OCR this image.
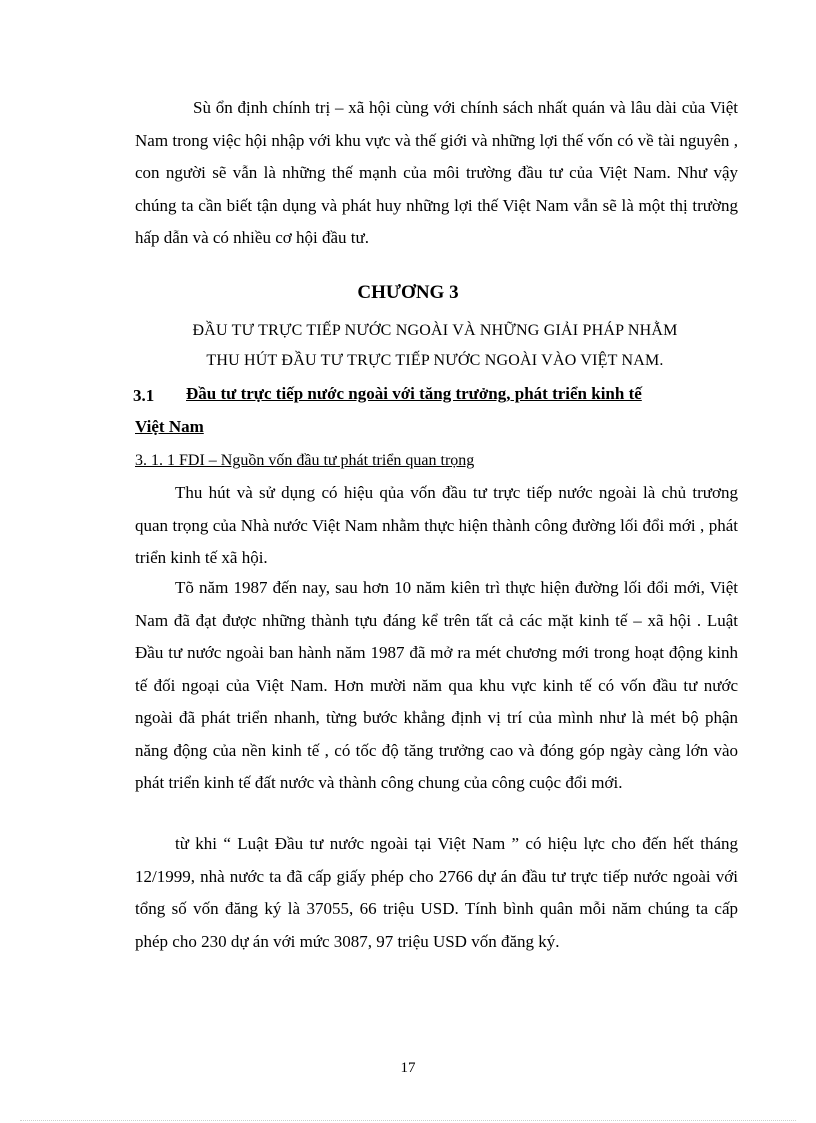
Sù ổn định chính trị – xã hội cùng với chính sách nhất quán và lâu dài của Việt Nam trong việc hội nhập với khu vực và thế giới và những lợi thế vốn có về tài nguyên , con người sẽ vẫn là những thế mạnh của môi trường đầu tư của Việt Nam. Như vậy chúng ta cần biết tận dụng và phát huy những lợi thế Việt Nam vẫn sẽ là một thị trường hấp dẫn và có nhiều cơ hội đầu tư.
CHƯƠNG 3
ĐẦU TƯ TRỰC TIẾP NƯỚC NGOÀI VÀ NHỮNG GIẢI PHÁP NHẰM
THU HÚT ĐẦU TƯ TRỰC TIẾP NƯỚC NGOÀI VÀO VIỆT NAM.
3.1 Đầu tư trực tiếp nước ngoài với tăng trưởng, phát triển kinh tế
Việt Nam
3. 1. 1 FDI – Nguồn vốn đầu tư phát triển quan trọng
Thu hút và sử dụng có hiệu qủa vốn đầu tư trực tiếp nước ngoài là chủ trương quan trọng của Nhà nước Việt Nam nhằm thực hiện thành công đường lối đổi mới , phát triển kinh tế xã hội.
Tõ năm 1987 đến nay, sau hơn 10 năm kiên trì thực hiện đường lối đổi mới, Việt Nam đã đạt được những thành tựu đáng kể trên tất cả các mặt kinh tế – xã hội . Luật Đầu tư nước ngoài ban hành năm 1987 đã mở ra mét chương mới trong hoạt động kinh tế đối ngoại của Việt Nam. Hơn mười năm qua khu vực kinh tế có vốn đầu tư nước ngoài đã phát triển nhanh, từng bước khẳng định vị trí của mình như là mét bộ phận năng động của nền kinh tế , có tốc độ tăng trưởng cao và đóng góp ngày càng lớn vào phát triển kinh tế đất nước và thành công chung của công cuộc đổi mới.
từ khi “ Luật Đầu tư nước ngoài tại Việt Nam ” có hiệu lực cho đến hết tháng 12/1999, nhà nước ta đã cấp giấy phép cho 2766 dự án đầu tư trực tiếp nước ngoài với tổng số vốn đăng ký là 37055, 66 triệu USD. Tính bình quân mỗi năm chúng ta cấp phép cho 230 dự án với mức 3087, 97 triệu USD vốn đăng ký.
17
